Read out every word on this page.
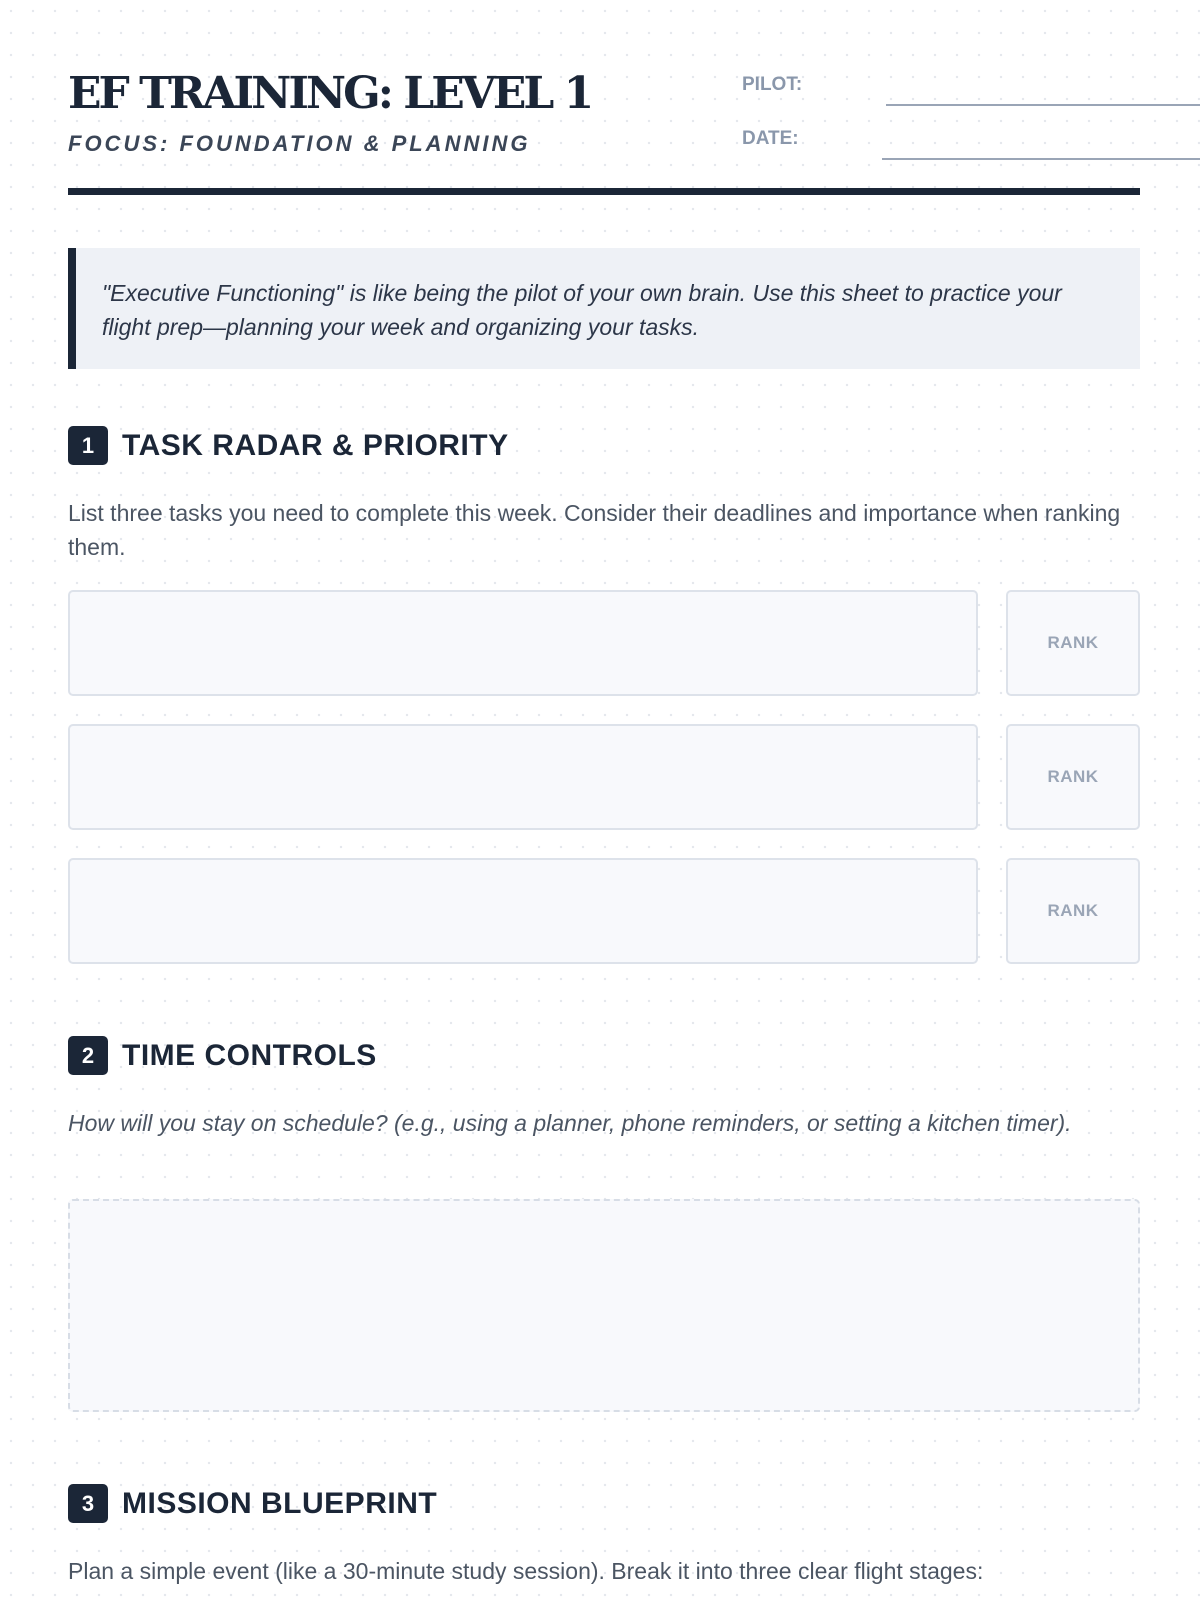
EF TRAINING: LEVEL 1

FOCUS: FOUNDATION & PLANNING

PILOT:
DATE:

"Executive Functioning" is like being the pilot of your own brain. Use this sheet to practice your flight prep—planning your week and organizing your tasks.

1 TASK RADAR & PRIORITY

List three tasks you need to complete this week. Consider their deadlines and importance when ranking them.

RANK
RANK
RANK
2 TIME CONTROLS

How will you stay on schedule? (e.g., using a planner, phone reminders, or setting a kitchen timer).

3 MISSION BLUEPRINT

Plan a simple event (like a 30-minute study session). Break it into three clear flight stages:
